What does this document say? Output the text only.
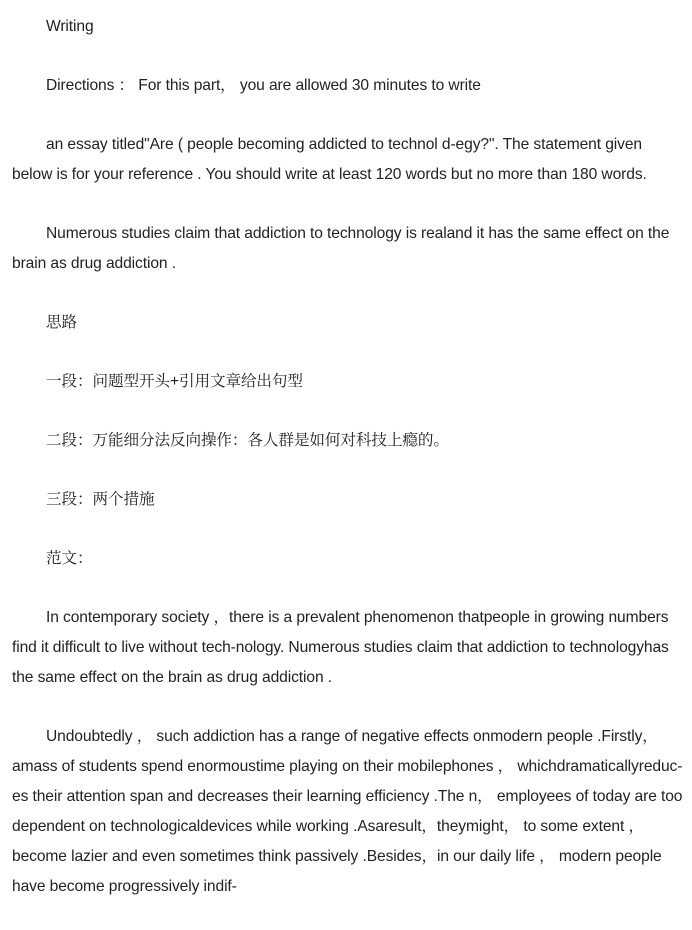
Writing

Directions ： For this part， you are allowed 30 minutes to write

an essay titled"Are ( people becoming addicted to technol d-egy?". The statement given below is for your reference . You should write at least 120 words but no more than 180 words.

Numerous studies claim that addiction to technology is realand it has the same effect on the brain as drug addiction .

思路

一段：问题型开头+引用文章给出句型

二段：万能细分法反向操作：各人群是如何对科技上瘾的。

三段：两个措施

范文：

In contemporary society ，there is a prevalent phenomenon thatpeople in growing numbers find it difficult to live without tech-nology. Numerous studies claim that addiction to technologyhas the same effect on the brain as drug addiction .

Undoubtedly ， such addiction has a range of negative effects onmodern people .Firstly，amass of students spend enormoustime playing on their mobilephones ， whichdramaticallyreduc-es their attention span and decreases their learning efficiency .The n， employees of today are too dependent on technologicaldevices while working .Asaresult，theymight， to some extent ，become lazier and even sometimes think passively .Besides，in our daily life ， modern people have become progressively indif-
